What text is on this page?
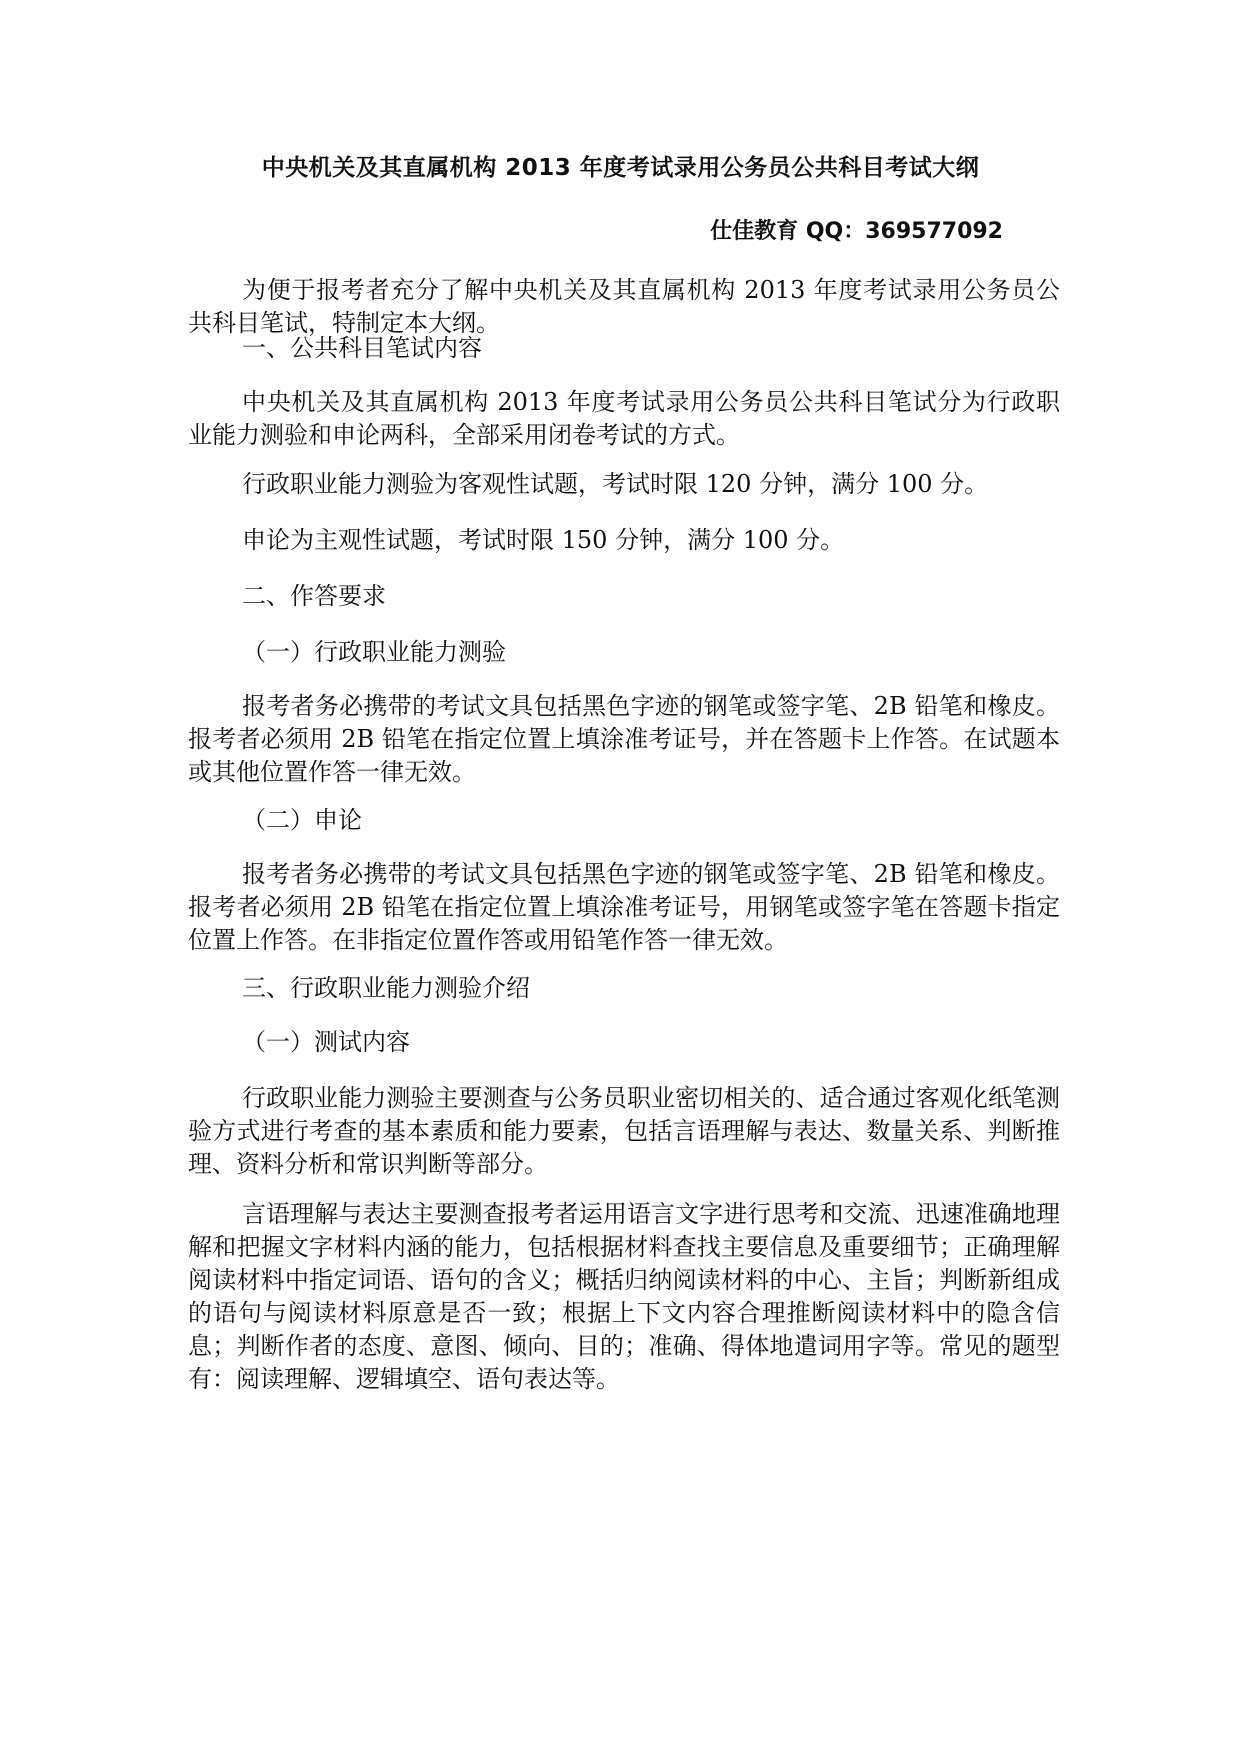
中央机关及其直属机构 2013 年度考试录用公务员公共科目考试大纲
仕佳教育 QQ：369577092

为便于报考者充分了解中央机关及其直属机构 2013 年度考试录用公务员公共科目笔试，特制定本大纲。

一、公共科目笔试内容

中央机关及其直属机构 2013 年度考试录用公务员公共科目笔试分为行政职业能力测验和申论两科，全部采用闭卷考试的方式。

行政职业能力测验为客观性试题，考试时限 120 分钟，满分 100 分。

申论为主观性试题，考试时限 150 分钟，满分 100 分。

二、作答要求

（一）行政职业能力测验

报考者务必携带的考试文具包括黑色字迹的钢笔或签字笔、2B 铅笔和橡皮。报考者必须用 2B 铅笔在指定位置上填涂准考证号，并在答题卡上作答。在试题本或其他位置作答一律无效。

（二）申论

报考者务必携带的考试文具包括黑色字迹的钢笔或签字笔、2B 铅笔和橡皮。报考者必须用 2B 铅笔在指定位置上填涂准考证号，用钢笔或签字笔在答题卡指定位置上作答。在非指定位置作答或用铅笔作答一律无效。

三、行政职业能力测验介绍

（一）测试内容

行政职业能力测验主要测查与公务员职业密切相关的、适合通过客观化纸笔测验方式进行考查的基本素质和能力要素，包括言语理解与表达、数量关系、判断推理、资料分析和常识判断等部分。

言语理解与表达主要测查报考者运用语言文字进行思考和交流、迅速准确地理解和把握文字材料内涵的能力，包括根据材料查找主要信息及重要细节；正确理解阅读材料中指定词语、语句的含义；概括归纳阅读材料的中心、主旨；判断新组成的语句与阅读材料原意是否一致；根据上下文内容合理推断阅读材料中的隐含信息；判断作者的态度、意图、倾向、目的；准确、得体地遣词用字等。常见的题型有：阅读理解、逻辑填空、语句表达等。
